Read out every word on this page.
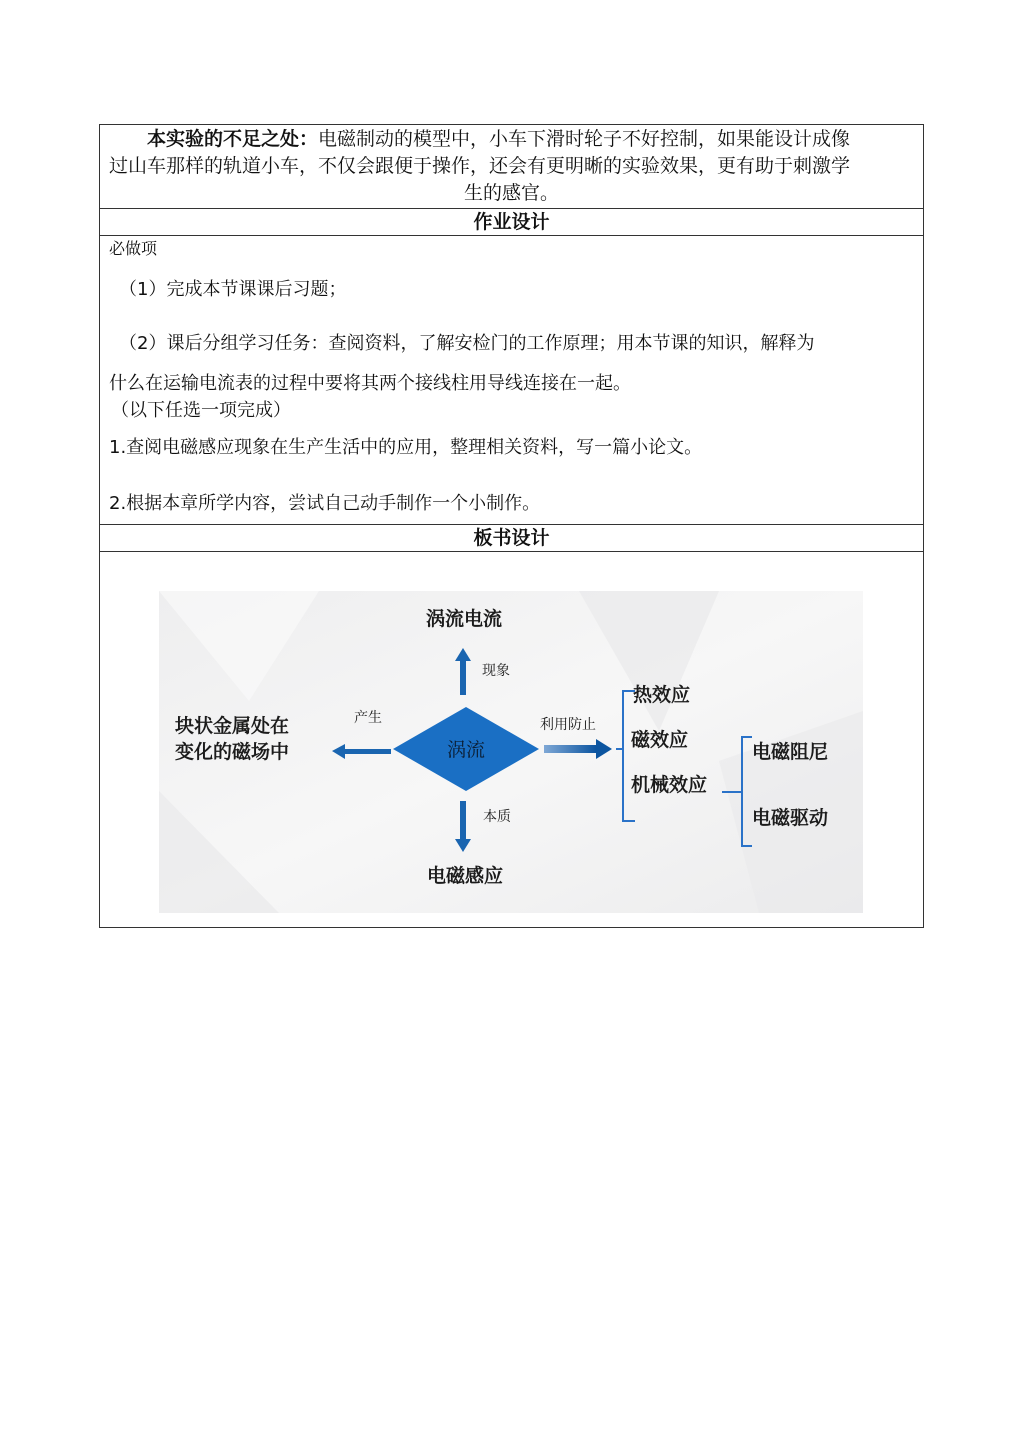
本实验的不足之处：电磁制动的模型中，小车下滑时轮子不好控制，如果能设计成像
过山车那样的轨道小车，不仅会跟便于操作，还会有更明晰的实验效果，更有助于刺激学
生的感官。

作业设计

必做项

（1）完成本节课课后习题；

（2）课后分组学习任务：查阅资料，了解安检门的工作原理；用本节课的知识，解释为

什么在运输电流表的过程中要将其两个接线柱用导线连接在一起。

（以下任选一项完成）

1.查阅电磁感应现象在生产生活中的应用，整理相关资料，写一篇小论文。

2.根据本章所学内容，尝试自己动手制作一个小制作。

板书设计

涡流
涡流电流
现象
块状金属处在
变化的磁场中
产生
电磁感应
本质
利用防止
热效应
磁效应
机械效应
电磁阻尼
电磁驱动
